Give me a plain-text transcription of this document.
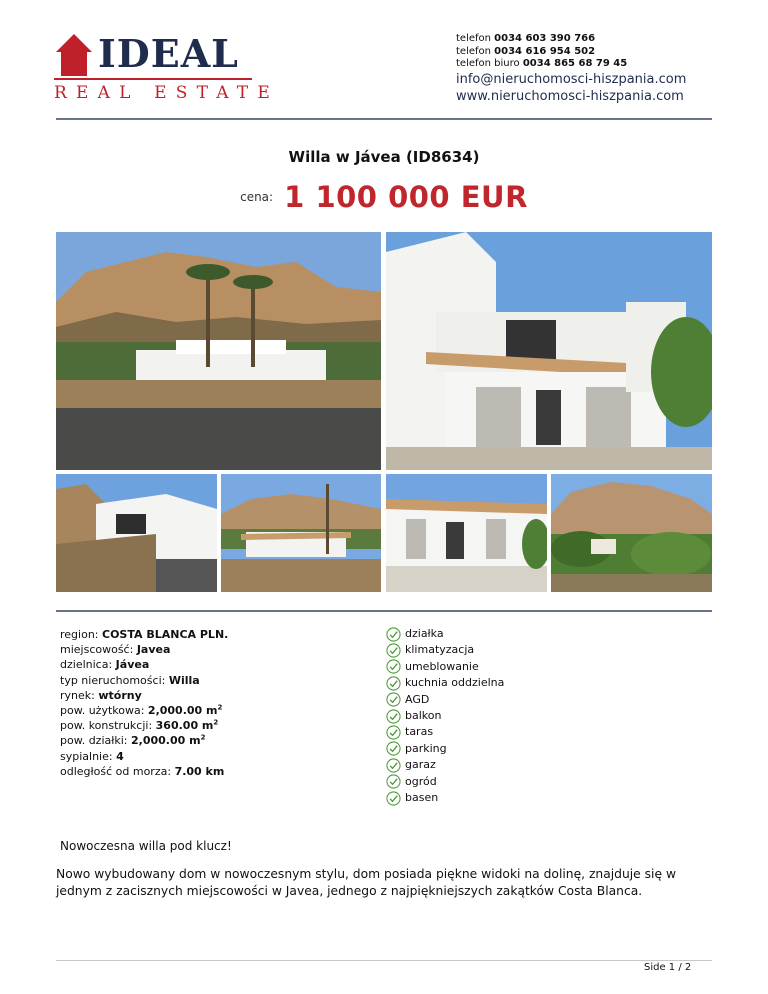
IDEAL
REAL ESTATE
telefon 0034 603 390 766
telefon 0034 616 954 502
telefon biuro 0034 865 68 79 45
info@nieruchomosci-hiszpania.com
www.nieruchomosci-hiszpania.com
Willa w Jávea (ID8634)
$^{cena:}$ 1 100 000 EUR
region: COSTA BLANCA PLN.
miejscowość: Javea
dzielnica: Jávea
typ nieruchomości: Willa
rynek: wtórny
pow. użytkowa: 2,000.00 $m^2$
pow. konstrukcji: 360.00 $m^2$
pow. działki: 2,000.00 $m^2$
sypialnie: 4
odległość od morza: 7.00 km
działka
klimatyzacja
umeblowanie
kuchnia oddzielna
AGD
balkon
taras
parking
garaz
ogród
basen
Nowoczesna willa pod klucz!
Nowo wybudowany dom w nowoczesnym stylu, dom posiada piękne widoki na dolinę, znajduje się w jednym z zacisznych miejscowości w Javea, jednego z najpiękniejszych zakątków Costa Blanca.
Side 1 / 2
